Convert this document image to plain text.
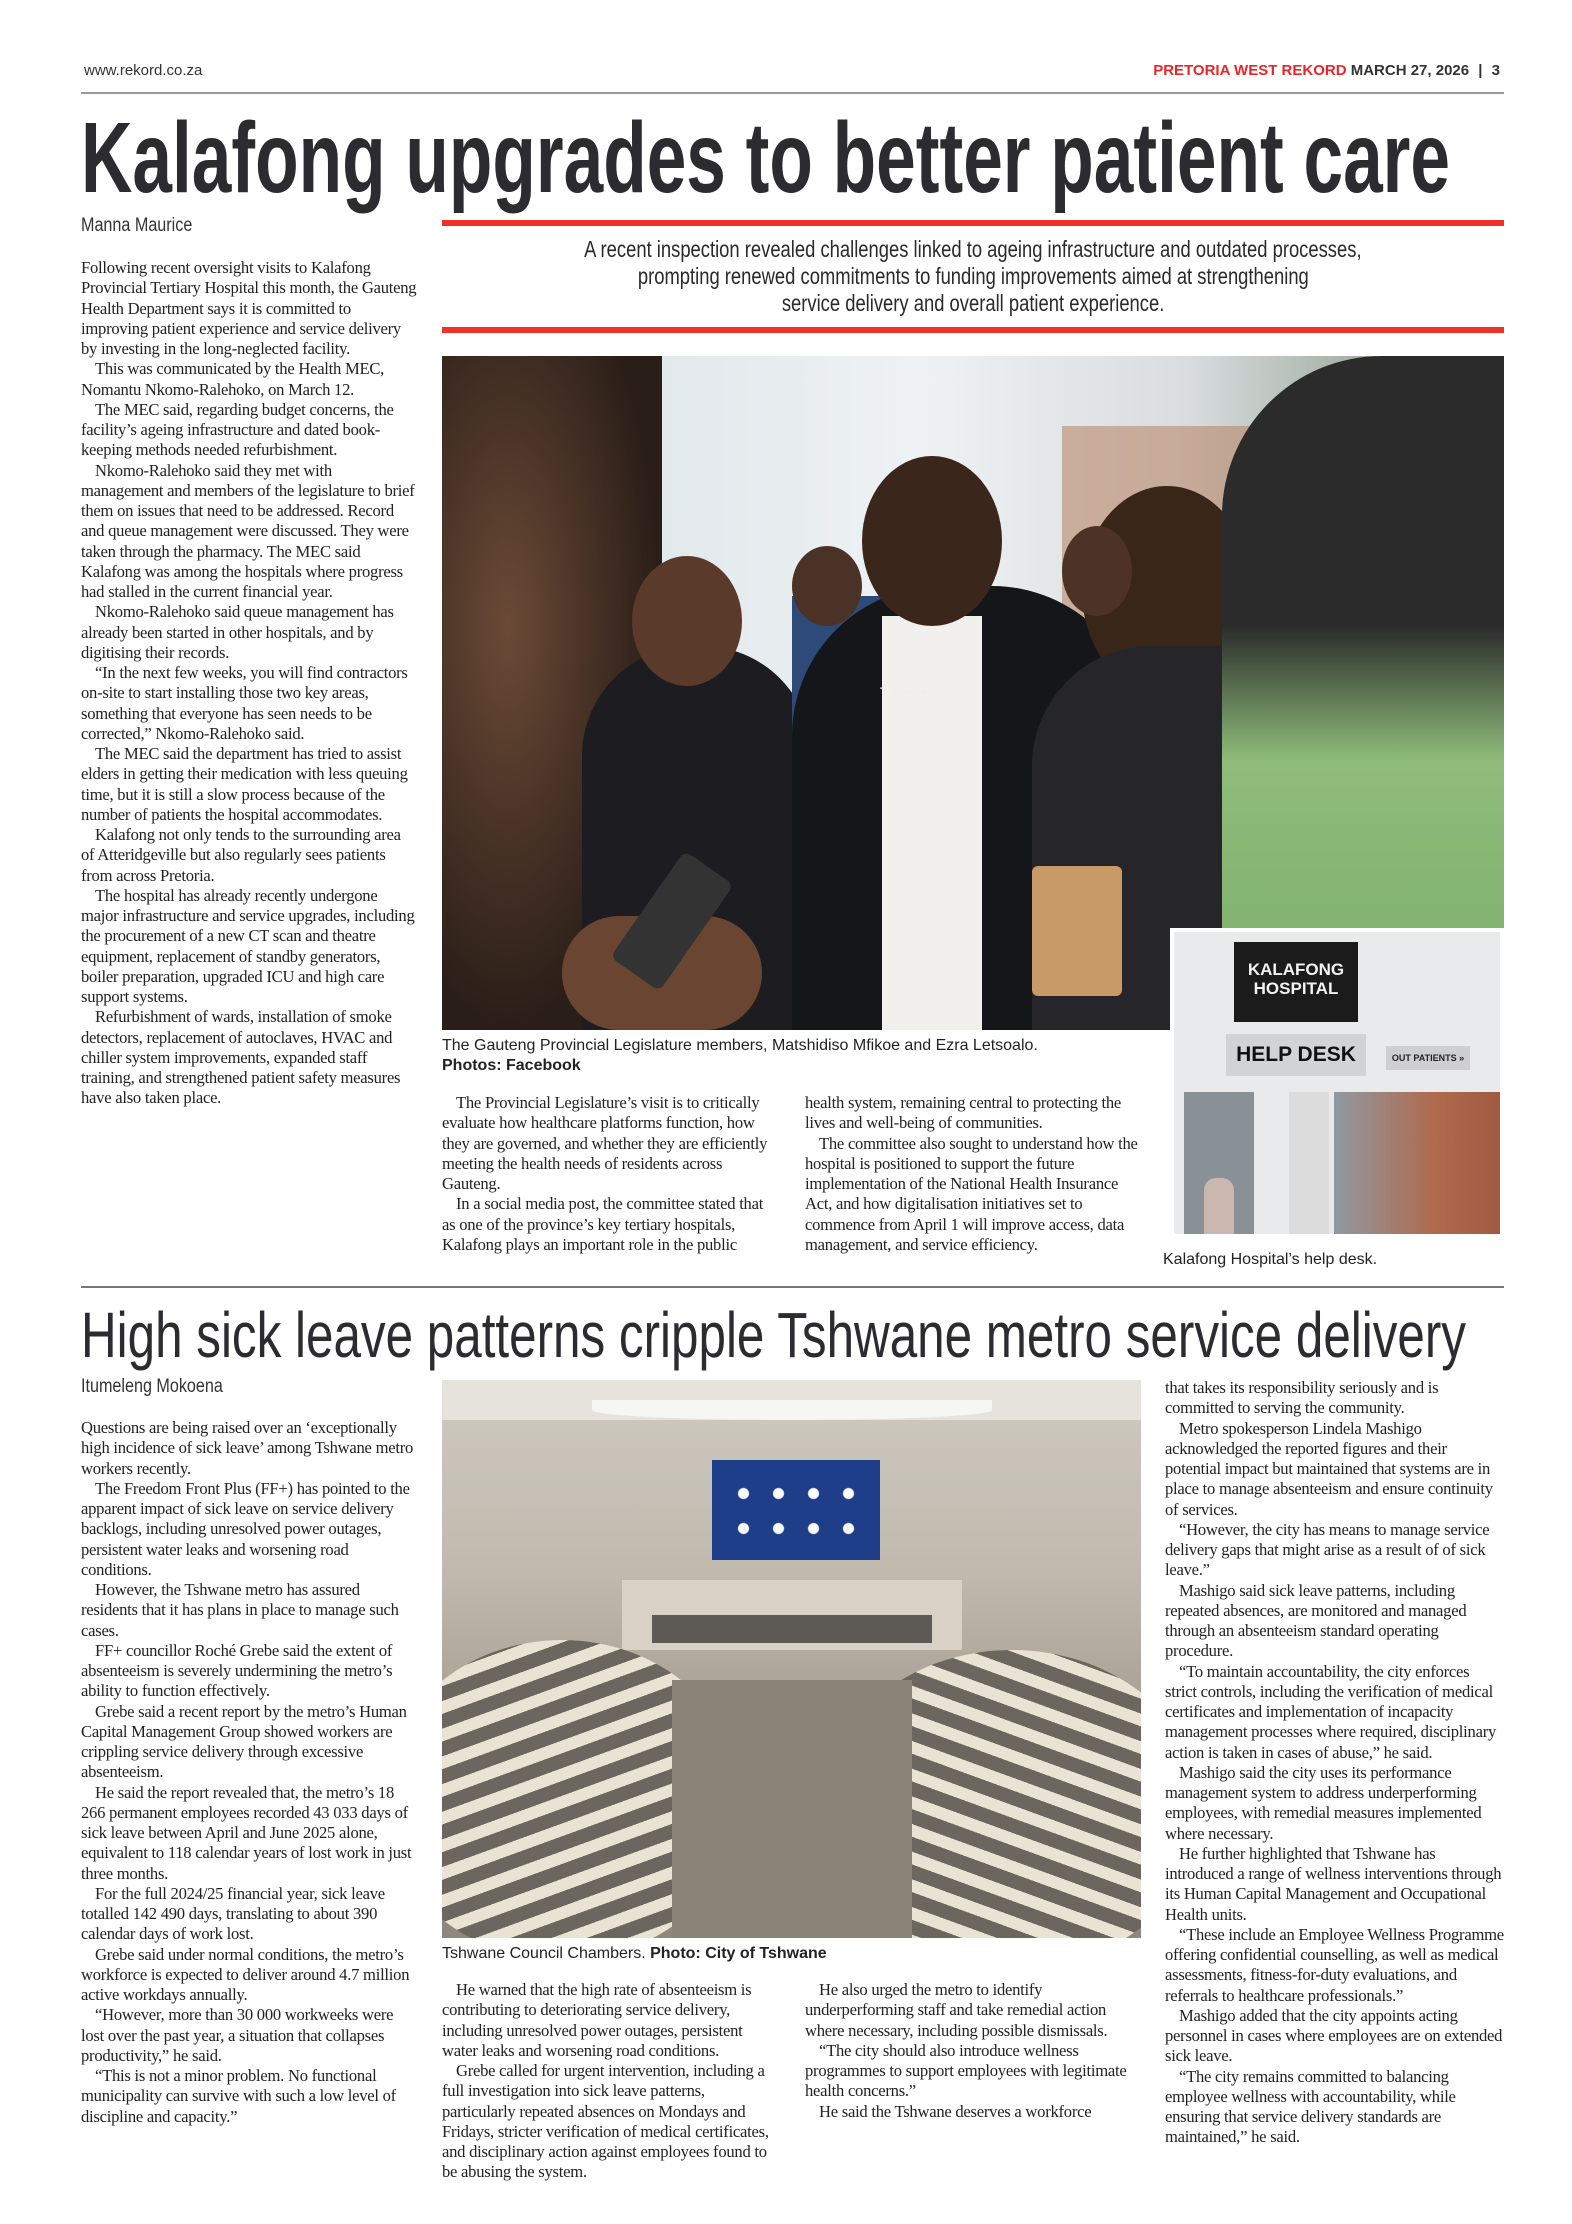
www.rekord.co.za	PRETORIA WEST REKORD MARCH 27, 2026 | 3
Kalafong upgrades to better patient care
Manna Maurice
A recent inspection revealed challenges linked to ageing infrastructure and outdated processes,
prompting renewed commitments to funding improvements aimed at strengthening
service delivery and overall patient experience.

Following recent oversight visits to Kalafong Provincial Tertiary Hospital this month, the Gauteng Health Department says it is committed to improving patient experience and service delivery by investing in the long-neglected facility.

This was communicated by the Health MEC, Nomantu Nkomo-Ralehoko, on March 12.

The MEC said, regarding budget concerns, the facility’s ageing infrastructure and dated book-keeping methods needed refurbishment.

Nkomo-Ralehoko said they met with management and members of the legislature to brief them on issues that need to be addressed. Record and queue management were discussed. They were taken through the pharmacy. The MEC said Kalafong was among the hospitals where progress had stalled in the current financial year.

Nkomo-Ralehoko said queue management has already been started in other hospitals, and by digitising their records.

“In the next few weeks, you will find contractors on-site to start installing those two key areas, something that everyone has seen needs to be corrected,” Nkomo-Ralehoko said.

The MEC said the department has tried to assist elders in getting their medication with less queuing time, but it is still a slow process because of the number of patients the hospital accommodates.

Kalafong not only tends to the surrounding area of Atteridgeville but also regularly sees patients from across Pretoria.

The hospital has already recently undergone major infrastructure and service upgrades, including the procurement of a new CT scan and theatre equipment, replacement of standby generators, boiler preparation, upgraded ICU and high care support systems.

Refurbishment of wards, installation of smoke detectors, replacement of autoclaves, HVAC and chiller system improvements, expanded staff training, and strengthened patient safety measures have also taken place.

T. Mfikoe
The Gauteng Provincial Legislature members, Matshidiso Mfikoe and Ezra Letsoalo.
Photos: Facebook
KALAFONG
HOSPITAL
HELP DESK	OUT PATIENTS »
Kalafong Hospital’s help desk.

The Provincial Legislature’s visit is to critically evaluate how healthcare platforms function, how they are governed, and whether they are efficiently meeting the health needs of residents across Gauteng.

In a social media post, the committee stated that as one of the province’s key tertiary hospitals, Kalafong plays an important role in the public health system, remaining central to protecting the lives and well-being of communities.

The committee also sought to understand how the hospital is positioned to support the future implementation of the National Health Insurance Act, and how digitalisation initiatives set to commence from April 1 will improve access, data management, and service efficiency.

High sick leave patterns cripple Tshwane metro service delivery
Itumeleng Mokoena

Questions are being raised over an ‘exceptionally high incidence of sick leave’ among Tshwane metro workers recently.

The Freedom Front Plus (FF+) has pointed to the apparent impact of sick leave on service delivery backlogs, including unresolved power outages, persistent water leaks and worsening road conditions.

However, the Tshwane metro has assured residents that it has plans in place to manage such cases.

FF+ councillor Roché Grebe said the extent of absenteeism is severely undermining the metro’s ability to function effectively.

Grebe said a recent report by the metro’s Human Capital Management Group showed workers are crippling service delivery through excessive absenteeism.

He said the report revealed that, the metro’s 18 266 permanent employees recorded 43 033 days of sick leave between April and June 2025 alone, equivalent to 118 calendar years of lost work in just three months.

For the full 2024/25 financial year, sick leave totalled 142 490 days, translating to about 390 calendar days of work lost.

Grebe said under normal conditions, the metro’s workforce is expected to deliver around 4.7 million active workdays annually.

“However, more than 30 000 workweeks were lost over the past year, a situation that collapses productivity,” he said.

“This is not a minor problem. No functional municipality can survive with such a low level of discipline and capacity.”

Tshwane Council Chambers. Photo: City of Tshwane

He warned that the high rate of absenteeism is contributing to deteriorating service delivery, including unresolved power outages, persistent water leaks and worsening road conditions.

Grebe called for urgent intervention, including a full investigation into sick leave patterns, particularly repeated absences on Mondays and Fridays, stricter verification of medical certificates, and disciplinary action against employees found to be abusing the system.

He also urged the metro to identify underperforming staff and take remedial action where necessary, including possible dismissals.

“The city should also introduce wellness programmes to support employees with legitimate health concerns.”

He said the Tshwane deserves a workforce

that takes its responsibility seriously and is committed to serving the community.

Metro spokesperson Lindela Mashigo acknowledged the reported figures and their potential impact but maintained that systems are in place to manage absenteeism and ensure continuity of services.

“However, the city has means to manage service delivery gaps that might arise as a result of of sick leave.”

Mashigo said sick leave patterns, including repeated absences, are monitored and managed through an absenteeism standard operating procedure.

“To maintain accountability, the city enforces strict controls, including the verification of medical certificates and implementation of incapacity management processes where required, disciplinary action is taken in cases of abuse,” he said.

Mashigo said the city uses its performance management system to address underperforming employees, with remedial measures implemented where necessary.

He further highlighted that Tshwane has introduced a range of wellness interventions through its Human Capital Management and Occupational Health units.

“These include an Employee Wellness Programme offering confidential counselling, as well as medical assessments, fitness-for-duty evaluations, and referrals to healthcare professionals.”

Mashigo added that the city appoints acting personnel in cases where employees are on extended sick leave.

“The city remains committed to balancing employee wellness with accountability, while ensuring that service delivery standards are maintained,” he said.
